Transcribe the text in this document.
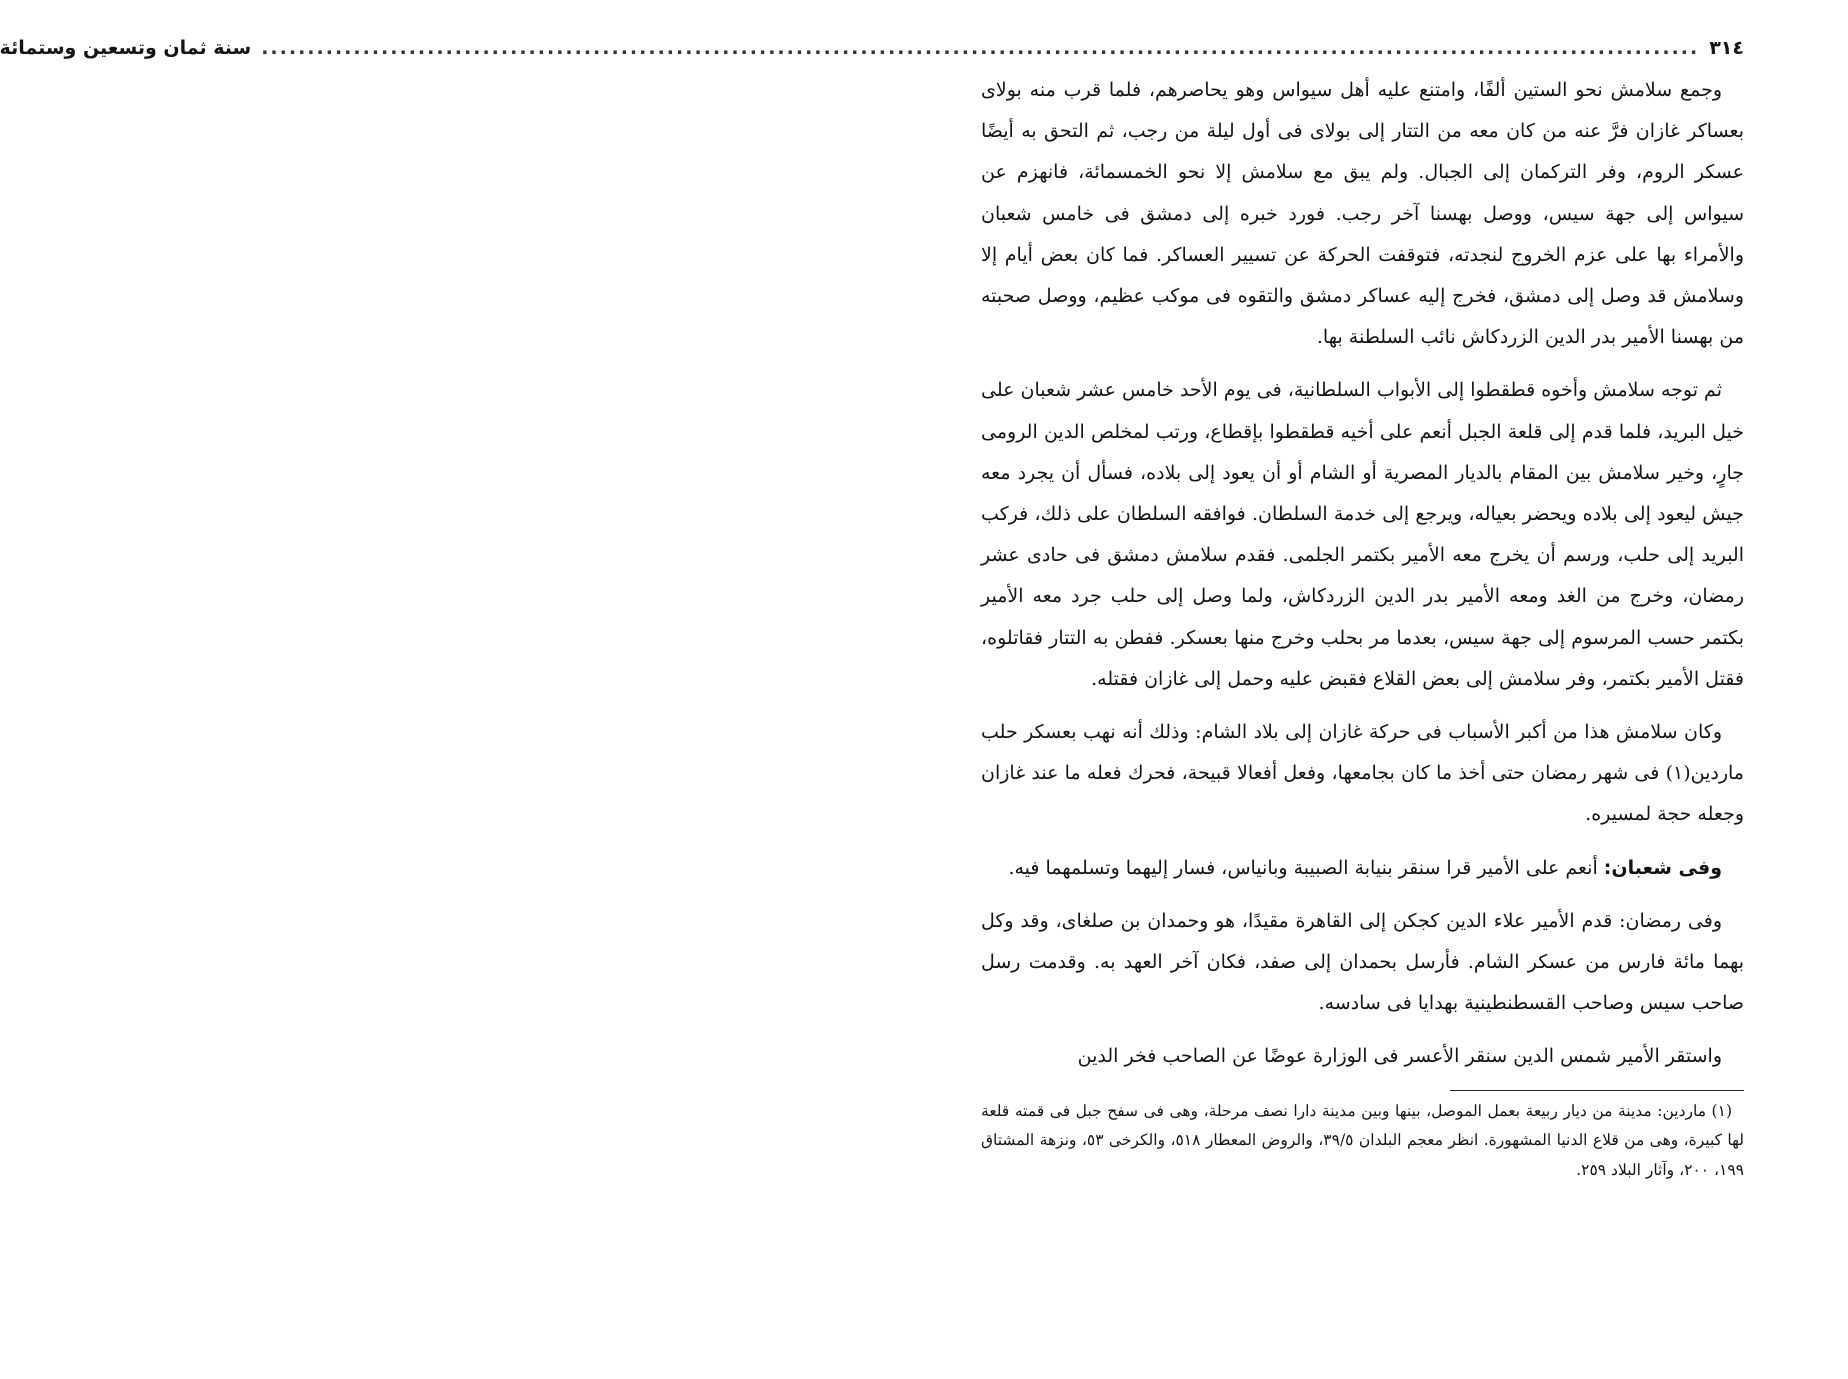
٣١٤
............................................................................................................................................................
سنة ثمان وتسعين وستمائة

وجمع سلامش نحو الستين ألفًا، وامتنع عليه أهل سيواس وهو يحاصرهم، فلما قرب منه بولاى بعساكر غازان فرَّ عنه من كان معه من التتار إلى بولاى فى أول ليلة من رجب، ثم التحق به أيضًا عسكر الروم، وفر التركمان إلى الجبال. ولم يبق مع سلامش إلا نحو الخمسمائة، فانهزم عن سيواس إلى جهة سيس، ووصل بهسنا آخر رجب. فورد خبره إلى دمشق فى خامس شعبان والأمراء بها على عزم الخروج لنجدته، فتوقفت الحركة عن تسيير العساكر. فما كان بعض أيام إلا وسلامش قد وصل إلى دمشق، فخرج إليه عساكر دمشق والتقوه فى موكب عظيم، ووصل صحبته من بهسنا الأمير بدر الدين الزردكاش نائب السلطنة بها.

ثم توجه سلامش وأخوه قطقطوا إلى الأبواب السلطانية، فى يوم الأحد خامس عشر شعبان على خيل البريد، فلما قدم إلى قلعة الجبل أنعم على أخيه قطقطوا بإقطاع، ورتب لمخلص الدين الرومى جارٍ، وخير سلامش بين المقام بالديار المصرية أو الشام أو أن يعود إلى بلاده، فسأل أن يجرد معه جيش ليعود إلى بلاده ويحضر بعياله، ويرجع إلى خدمة السلطان. فوافقه السلطان على ذلك، فركب البريد إلى حلب، ورسم أن يخرج معه الأمير بكتمر الجلمى. فقدم سلامش دمشق فى حادى عشر رمضان، وخرج من الغد ومعه الأمير بدر الدين الزردكاش، ولما وصل إلى حلب جرد معه الأمير بكتمر حسب المرسوم إلى جهة سيس، بعدما مر بحلب وخرج منها بعسكر. ففطن به التتار فقاتلوه، فقتل الأمير بكتمر، وفر سلامش إلى بعض القلاع فقبض عليه وحمل إلى غازان فقتله.

وكان سلامش هذا من أكبر الأسباب فى حركة غازان إلى بلاد الشام: وذلك أنه نهب بعسكر حلب ماردين(١) فى شهر رمضان حتى أخذ ما كان بجامعها، وفعل أفعالا قبيحة، فحرك فعله ما عند غازان وجعله حجة لمسيره.

وفى شعبان: أنعم على الأمير قرا سنقر بنيابة الصبيبة وبانياس، فسار إليهما وتسلمهما فيه.

وفى رمضان: قدم الأمير علاء الدين كجكن إلى القاهرة مقيدًا، هو وحمدان بن صلغاى، وقد وكل بهما مائة فارس من عسكر الشام. فأرسل بحمدان إلى صفد، فكان آخر العهد به. وقدمت رسل صاحب سيس وصاحب القسطنطينية بهدايا فى سادسه.

واستقر الأمير شمس الدين سنقر الأعسر فى الوزارة عوضًا عن الصاحب فخر الدين

(١) ماردين: مدينة من ديار ربيعة بعمل الموصل، بينها وبين مدينة دارا نصف مرحلة، وهى فى سفح جبل فى قمته قلعة لها كبيرة، وهى من قلاع الدنيا المشهورة. انظر معجم البلدان ٣٩/٥، والروض المعطار ٥١٨، والكرخى ٥٣، ونزهة المشتاق ١٩٩، ٢٠٠، وآثار البلاد ٢٥٩.
